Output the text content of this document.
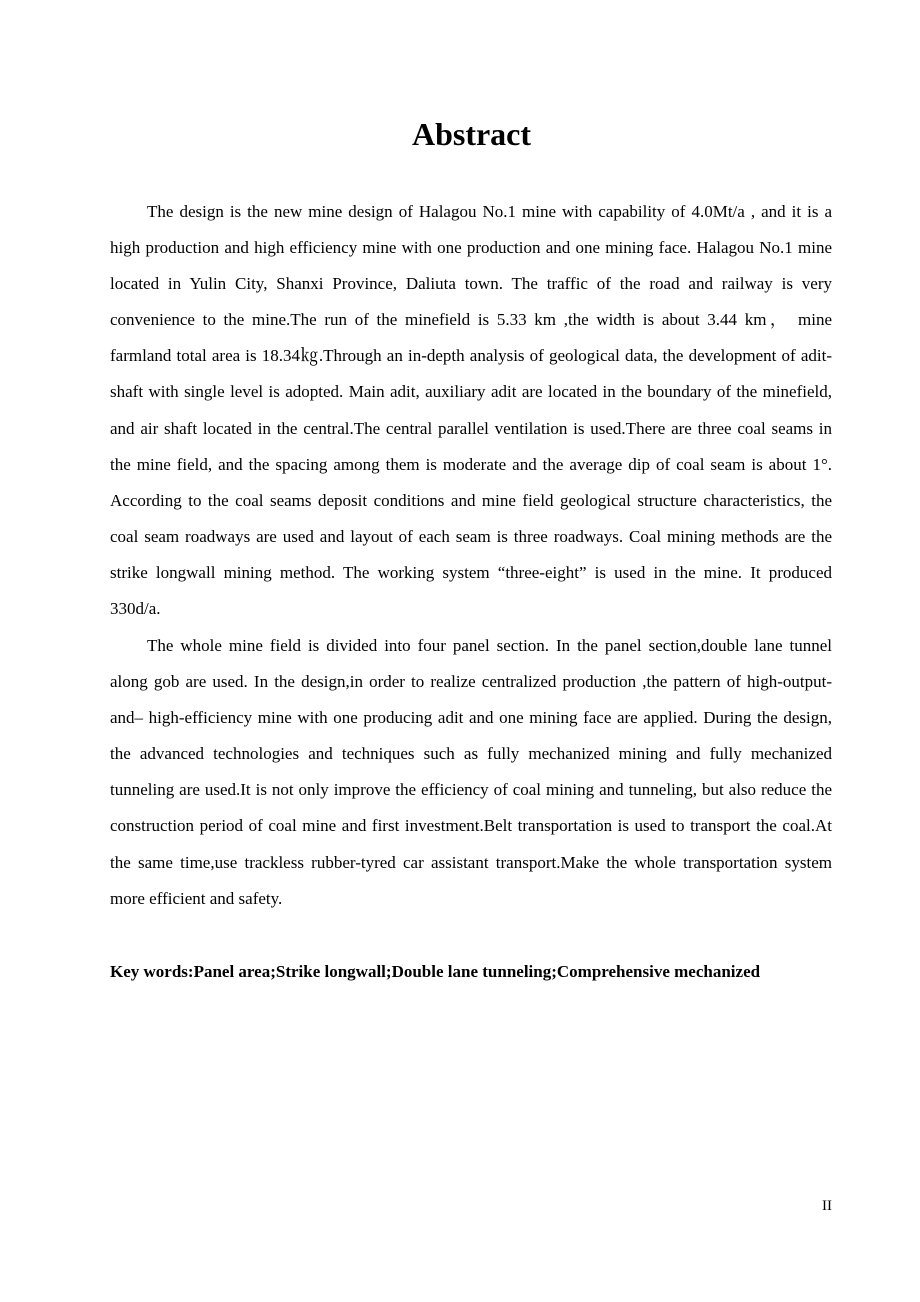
Abstract

The design is the new mine design of Halagou No.1 mine with capability of 4.0Mt/a , and it is a high production and high efficiency mine with one production and one mining face. Halagou No.1 mine located in Yulin City, Shanxi Province, Daliuta town. The traffic of the road and railway is very convenience to the mine.The run of the minefield is 5.33 km ,the width is about 3.44 km， mine farmland total area is 18.34㎏.Through an in-depth analysis of geological data, the development of adit-shaft with single level is adopted. Main adit, auxiliary adit are located in the boundary of the minefield, and air shaft located in the central.The central parallel ventilation is used.There are three coal seams in the mine field, and the spacing among them is moderate and the average dip of coal seam is about 1°. According to the coal seams deposit conditions and mine field geological structure characteristics, the coal seam roadways are used and layout of each seam is three roadways. Coal mining methods are the strike longwall mining method. The working system “three-eight” is used in the mine. It produced 330d/a.

The whole mine field is divided into four panel section. In the panel section,double lane tunnel along gob are used. In the design,in order to realize centralized production ,the pattern of high-output- and– high-efficiency mine with one producing adit and one mining face are applied. During the design, the advanced technologies and techniques such as fully mechanized mining and fully mechanized tunneling are used.It is not only improve the efficiency of coal mining and tunneling, but also reduce the construction period of coal mine and first investment.Belt transportation is used to transport the coal.At the same time,use trackless rubber-tyred car assistant transport.Make the whole transportation system more efficient and safety.

Key words:Panel area;Strike longwall;Double lane tunneling;Comprehensive mechanized

II
